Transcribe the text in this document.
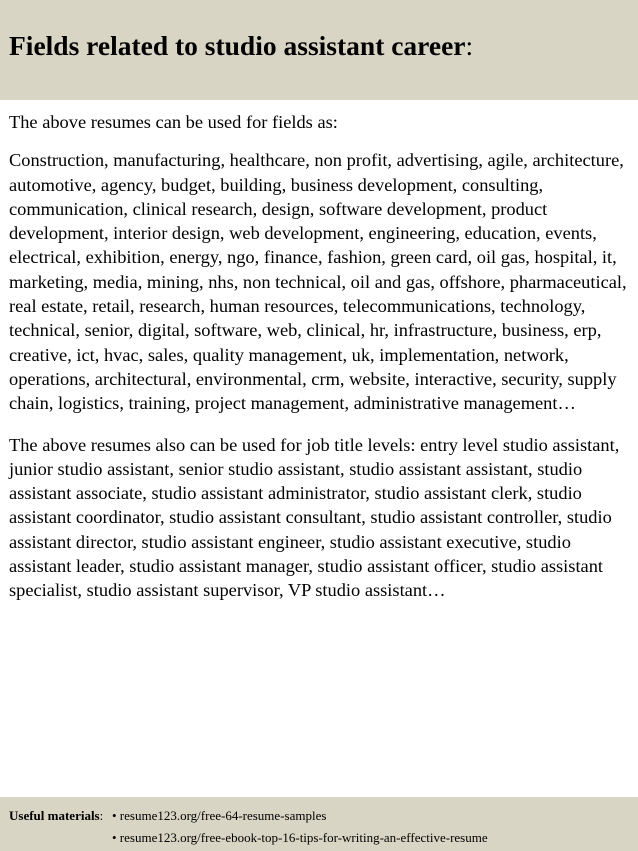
Fields related to studio assistant career:

The above resumes can be used for fields as:

Construction, manufacturing, healthcare, non profit, advertising, agile, architecture, automotive, agency, budget, building, business development, consulting, communication, clinical research, design, software development, product development, interior design, web development, engineering, education, events, electrical, exhibition, energy, ngo, finance, fashion, green card, oil gas, hospital, it, marketing, media, mining, nhs, non technical, oil and gas, offshore, pharmaceutical, real estate, retail, research, human resources, telecommunications, technology, technical, senior, digital, software, web, clinical, hr, infrastructure, business, erp, creative, ict, hvac, sales, quality management, uk, implementation, network, operations, architectural, environmental, crm, website, interactive, security, supply chain, logistics, training, project management, administrative management…

The above resumes also can be used for job title levels: entry level studio assistant, junior studio assistant, senior studio assistant, studio assistant assistant, studio assistant associate, studio assistant administrator, studio assistant clerk, studio assistant coordinator, studio assistant consultant, studio assistant controller, studio assistant director, studio assistant engineer, studio assistant executive, studio assistant leader, studio assistant manager, studio assistant officer, studio assistant specialist, studio assistant supervisor, VP studio assistant…

Useful materials: • resume123.org/free-64-resume-samples
• resume123.org/free-ebook-top-16-tips-for-writing-an-effective-resume
